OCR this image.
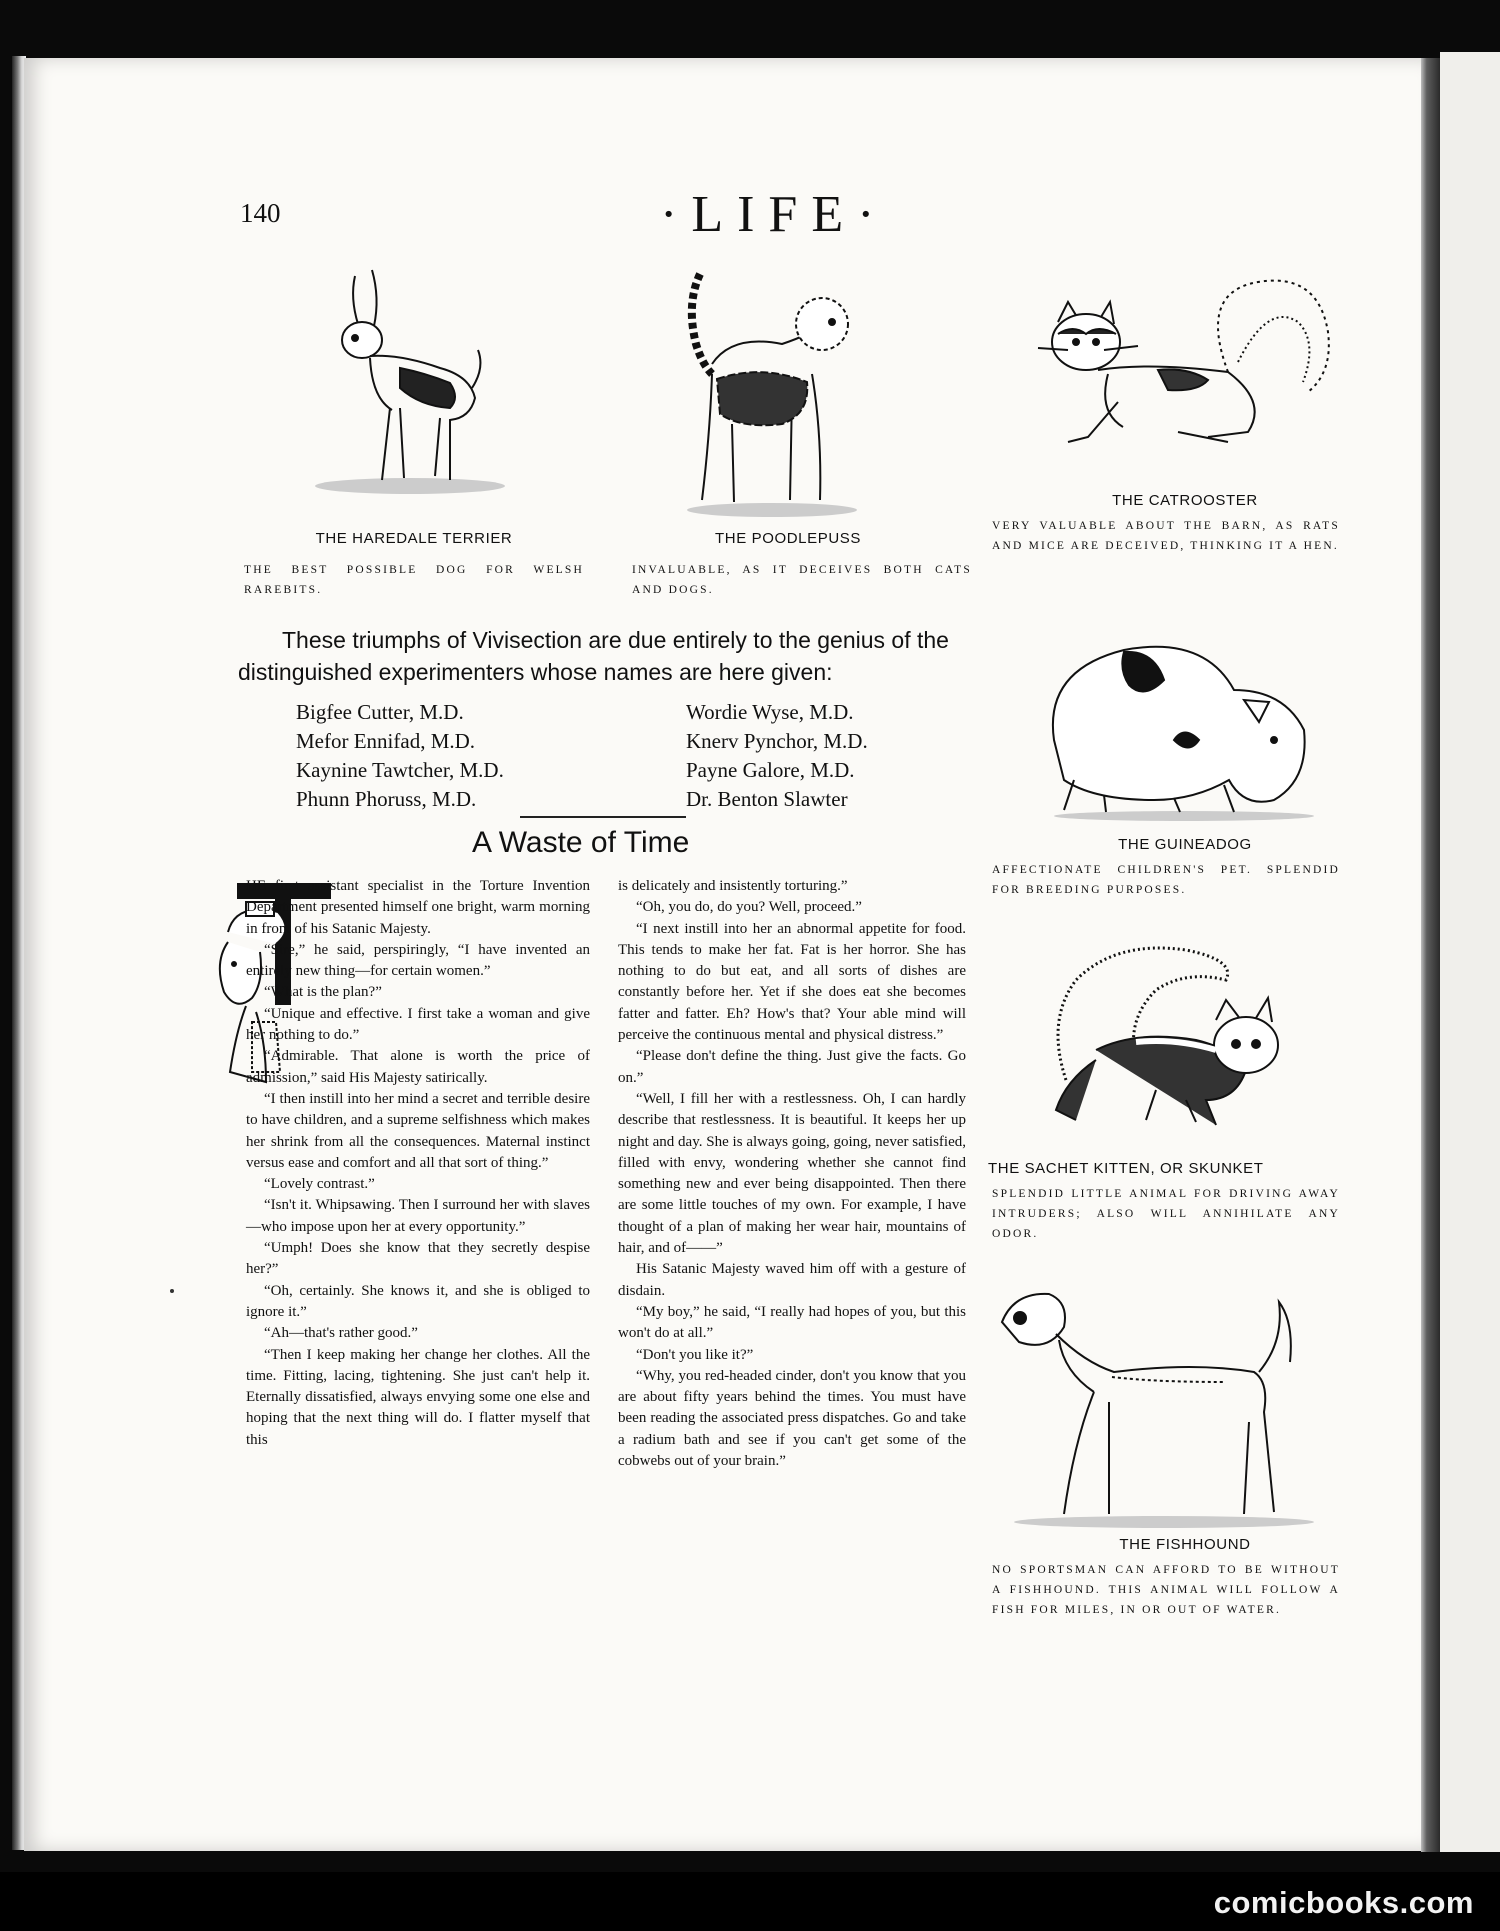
140	·LIFE·
THE HAREDALE TERRIER
THE BEST POSSIBLE DOG FOR WELSH RAREBITS.
THE POODLEPUSS
INVALUABLE, AS IT DECEIVES BOTH CATS AND DOGS.
THE CATROOSTER
VERY VALUABLE ABOUT THE BARN, AS RATS AND MICE ARE DECEIVED, THINKING IT A HEN.
These triumphs of Vivisection are due entirely to the genius of the distinguished experimenters whose names are here given:
Bigfee Cutter, M.D.
Mefor Ennifad, M.D.
Kaynine Tawtcher, M.D.
Phunn Phoruss, M.D.
Wordie Wyse, M.D.
Knerv Pynchor, M.D.
Payne Galore, M.D.
Dr. Benton Slawter
A Waste of Time	THE GUINEADOG
AFFECTIONATE CHILDREN'S PET. SPLENDID FOR BREEDING PURPOSES.
THE SACHET KITTEN, OR SKUNKET
SPLENDID LITTLE ANIMAL FOR DRIVING AWAY INTRUDERS; ALSO WILL ANNIHILATE ANY ODOR.
THE FISHHOUND
NO SPORTSMAN CAN AFFORD TO BE WITHOUT A FISHHOUND. THIS ANIMAL WILL FOLLOW A FISH FOR MILES, IN OR OUT OF WATER.

HE first assistant specialist in the Torture Invention Department presented himself one bright, warm morning in front of his Satanic Majesty.

“Sire,” he said, perspiringly, “I have invented an entirely new thing—for certain women.”

“What is the plan?”

“Unique and effective. I first take a woman and give her nothing to do.”

“Admirable. That alone is worth the price of admission,” said His Majesty satirically.

“I then instill into her mind a secret and terrible desire to have children, and a supreme selfishness which makes her shrink from all the consequences. Maternal instinct versus ease and comfort and all that sort of thing.”

“Lovely contrast.”

“Isn't it. Whipsawing. Then I surround her with slaves—who impose upon her at every opportunity.”

“Umph! Does she know that they secretly despise her?”

“Oh, certainly. She knows it, and she is obliged to ignore it.”

“Ah—that's rather good.”

“Then I keep making her change her clothes. All the time. Fitting, lacing, tightening. She just can't help it. Eternally dissatisfied, always envying some one else and hoping that the next thing will do. I flatter myself that this

is delicately and insistently torturing.”

“Oh, you do, do you? Well, proceed.”

“I next instill into her an abnormal appetite for food. This tends to make her fat. Fat is her horror. She has nothing to do but eat, and all sorts of dishes are constantly before her. Yet if she does eat she becomes fatter and fatter. Eh? How's that? Your able mind will perceive the continuous mental and physical distress.”

“Please don't define the thing. Just give the facts. Go on.”

“Well, I fill her with a restlessness. Oh, I can hardly describe that restlessness. It is beautiful. It keeps her up night and day. She is always going, going, never satisfied, filled with envy, wondering whether she cannot find something new and ever being disappointed. Then there are some little touches of my own. For example, I have thought of a plan of making her wear hair, mountains of hair, and of——”

His Satanic Majesty waved him off with a gesture of disdain.

“My boy,” he said, “I really had hopes of you, but this won't do at all.”

“Don't you like it?”

“Why, you red-headed cinder, don't you know that you are about fifty years behind the times. You must have been reading the associated press dispatches. Go and take a radium bath and see if you can't get some of the cobwebs out of your brain.”

comicbooks.com
